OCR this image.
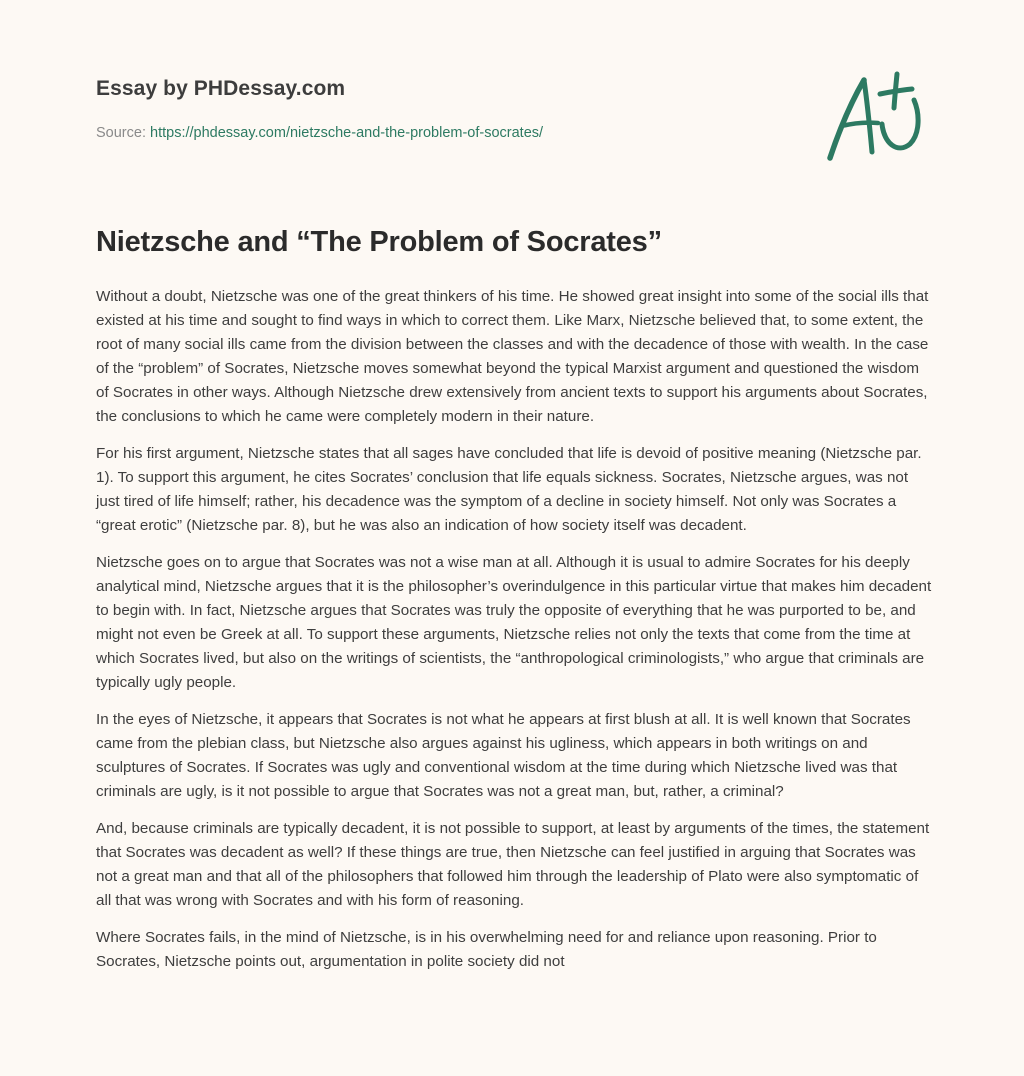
Essay by PHDessay.com
Source: https://phdessay.com/nietzsche-and-the-problem-of-socrates/
Nietzsche and “The Problem of Socrates”

Without a doubt, Nietzsche was one of the great thinkers of his time. He showed great insight into some of the social ills that existed at his time and sought to find ways in which to correct them. Like Marx, Nietzsche believed that, to some extent, the root of many social ills came from the division between the classes and with the decadence of those with wealth. In the case of the “problem” of Socrates, Nietzsche moves somewhat beyond the typical Marxist argument and questioned the wisdom of Socrates in other ways. Although Nietzsche drew extensively from ancient texts to support his arguments about Socrates, the conclusions to which he came were completely modern in their nature.

For his first argument, Nietzsche states that all sages have concluded that life is devoid of positive meaning (Nietzsche par. 1). To support this argument, he cites Socrates’ conclusion that life equals sickness. Socrates, Nietzsche argues, was not just tired of life himself; rather, his decadence was the symptom of a decline in society himself. Not only was Socrates a “great erotic” (Nietzsche par. 8), but he was also an indication of how society itself was decadent.

Nietzsche goes on to argue that Socrates was not a wise man at all. Although it is usual to admire Socrates for his deeply analytical mind, Nietzsche argues that it is the philosopher’s overindulgence in this particular virtue that makes him decadent to begin with. In fact, Nietzsche argues that Socrates was truly the opposite of everything that he was purported to be, and might not even be Greek at all. To support these arguments, Nietzsche relies not only the texts that come from the time at which Socrates lived, but also on the writings of scientists, the “anthropological criminologists,” who argue that criminals are typically ugly people.

In the eyes of Nietzsche, it appears that Socrates is not what he appears at first blush at all. It is well known that Socrates came from the plebian class, but Nietzsche also argues against his ugliness, which appears in both writings on and sculptures of Socrates. If Socrates was ugly and conventional wisdom at the time during which Nietzsche lived was that criminals are ugly, is it not possible to argue that Socrates was not a great man, but, rather, a criminal?

And, because criminals are typically decadent, it is not possible to support, at least by arguments of the times, the statement that Socrates was decadent as well? If these things are true, then Nietzsche can feel justified in arguing that Socrates was not a great man and that all of the philosophers that followed him through the leadership of Plato were also symptomatic of all that was wrong with Socrates and with his form of reasoning.

Where Socrates fails, in the mind of Nietzsche, is in his overwhelming need for and reliance upon reasoning. Prior to Socrates, Nietzsche points out, argumentation in polite society did not
